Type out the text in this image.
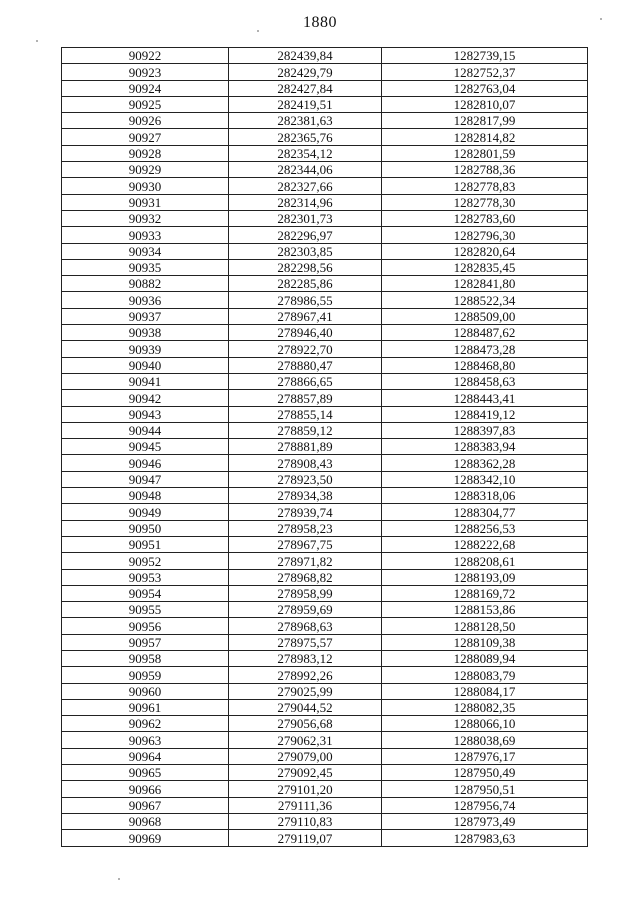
1880
90922	282439,84	1282739,15
90923	282429,79	1282752,37
90924	282427,84	1282763,04
90925	282419,51	1282810,07
90926	282381,63	1282817,99
90927	282365,76	1282814,82
90928	282354,12	1282801,59
90929	282344,06	1282788,36
90930	282327,66	1282778,83
90931	282314,96	1282778,30
90932	282301,73	1282783,60
90933	282296,97	1282796,30
90934	282303,85	1282820,64
90935	282298,56	1282835,45
90882	282285,86	1282841,80
90936	278986,55	1288522,34
90937	278967,41	1288509,00
90938	278946,40	1288487,62
90939	278922,70	1288473,28
90940	278880,47	1288468,80
90941	278866,65	1288458,63
90942	278857,89	1288443,41
90943	278855,14	1288419,12
90944	278859,12	1288397,83
90945	278881,89	1288383,94
90946	278908,43	1288362,28
90947	278923,50	1288342,10
90948	278934,38	1288318,06
90949	278939,74	1288304,77
90950	278958,23	1288256,53
90951	278967,75	1288222,68
90952	278971,82	1288208,61
90953	278968,82	1288193,09
90954	278958,99	1288169,72
90955	278959,69	1288153,86
90956	278968,63	1288128,50
90957	278975,57	1288109,38
90958	278983,12	1288089,94
90959	278992,26	1288083,79
90960	279025,99	1288084,17
90961	279044,52	1288082,35
90962	279056,68	1288066,10
90963	279062,31	1288038,69
90964	279079,00	1287976,17
90965	279092,45	1287950,49
90966	279101,20	1287950,51
90967	279111,36	1287956,74
90968	279110,83	1287973,49
90969	279119,07	1287983,63
